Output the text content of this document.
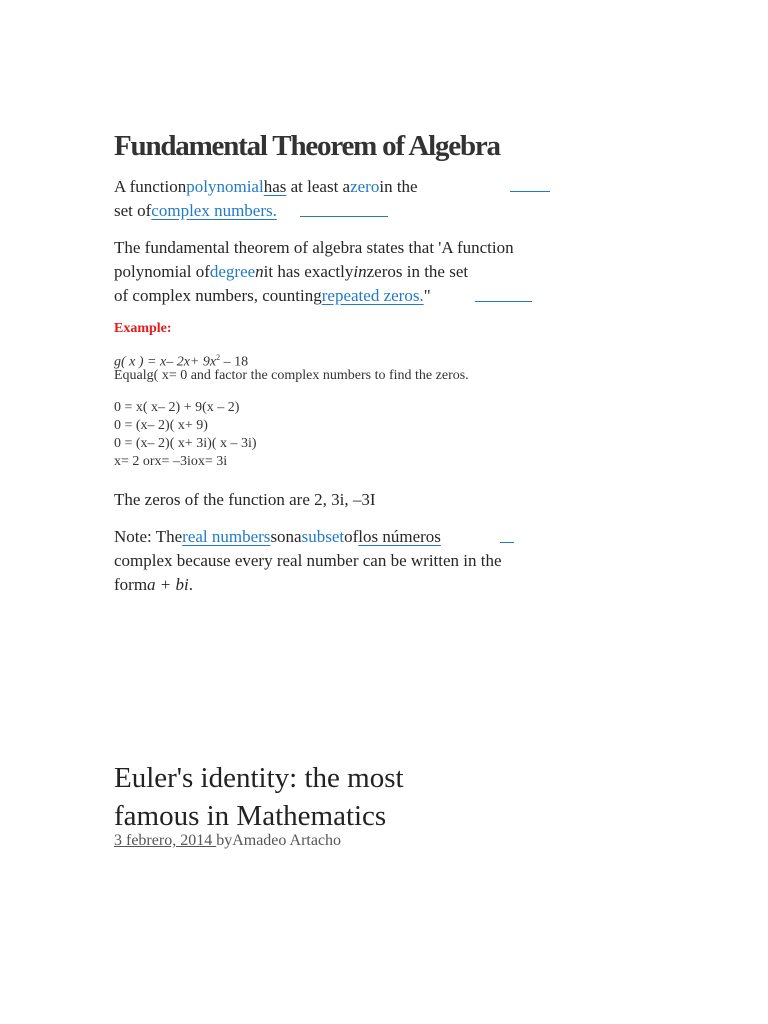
Fundamental Theorem of Algebra
A functionpolynomialhas at least azeroin the
set ofcomplex numbers.
The fundamental theorem of algebra states that 'A function
polynomial ofdegreenit has exactlyinzeros in the set
of complex numbers, countingrepeated zeros."
Example:
g( x ) = x– $2x+ 9x^2 - 18$
Equalg( x= 0 and factor the complex numbers to find the zeros.
0 = x( x– 2) + 9(x – 2)
0 = (x– 2)( x+ 9)
0 = (x– 2)( x+ 3i)( x – 3i)
x= 2 orx= –3iox= 3i
The zeros of the function are 2, 3i, –3I
Note: Thereal numberssonasubsetoflos números
complex because every real number can be written in the
forma + bi.
Euler's identity: the most
famous in Mathematics
3 febrero, 2014 byAmadeo Artacho
